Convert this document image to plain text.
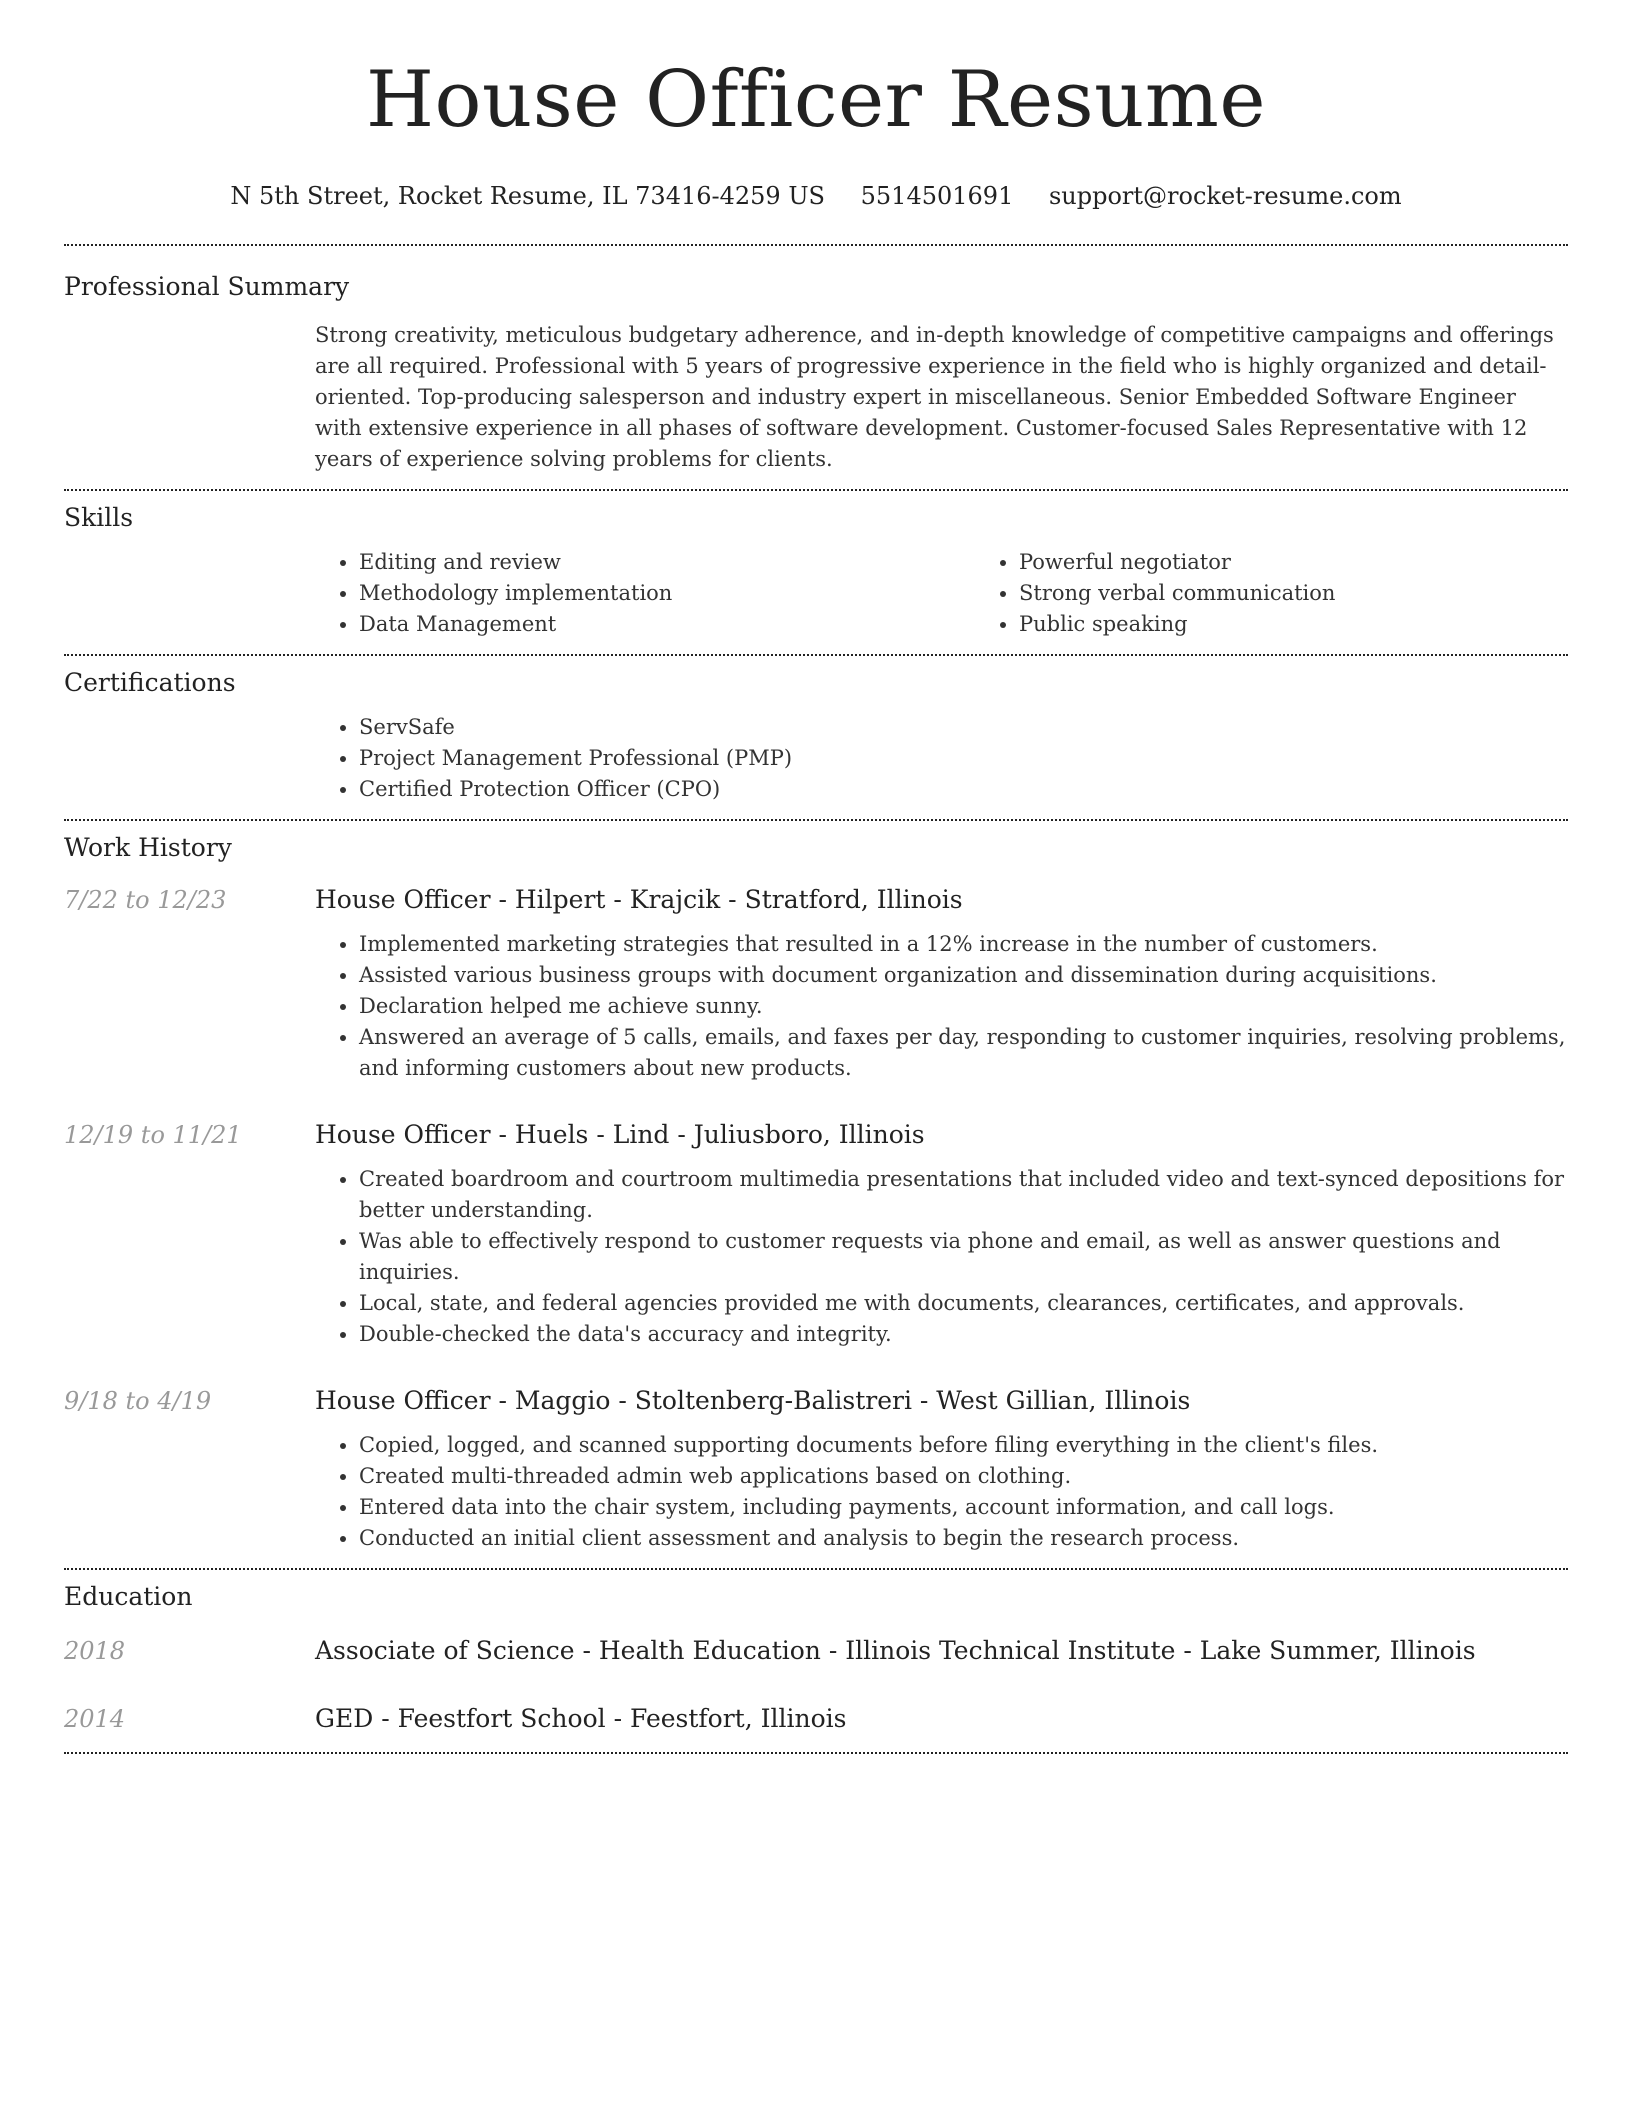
House Officer Resume
N 5th Street, Rocket Resume, IL 73416-4259 US 5514501691 support@rocket-resume.com
Professional Summary

Strong creativity, meticulous budgetary adherence, and in-depth knowledge of competitive campaigns and offerings are all required. Professional with 5 years of progressive experience in the field who is highly organized and detail-oriented. Top-producing salesperson and industry expert in miscellaneous. Senior Embedded Software Engineer with extensive experience in all phases of software development. Customer-focused Sales Representative with 12 years of experience solving problems for clients.

Skills
• Editing and review
• Methodology implementation
• Data Management
• Powerful negotiator
• Strong verbal communication
• Public speaking
Certifications
• ServSafe
• Project Management Professional (PMP)
• Certified Protection Officer (CPO)
Work History
7/22 to 12/23	House Officer - Hilpert - Krajcik - Stratford, Illinois
• Implemented marketing strategies that resulted in a 12% increase in the number of customers.
• Assisted various business groups with document organization and dissemination during acquisitions.
• Declaration helped me achieve sunny.
• Answered an average of 5 calls, emails, and faxes per day, responding to customer inquiries, resolving problems, and informing customers about new products.
12/19 to 11/21	House Officer - Huels - Lind - Juliusboro, Illinois
• Created boardroom and courtroom multimedia presentations that included video and text-synced depositions for better understanding.
• Was able to effectively respond to customer requests via phone and email, as well as answer questions and inquiries.
• Local, state, and federal agencies provided me with documents, clearances, certificates, and approvals.
• Double-checked the data's accuracy and integrity.
9/18 to 4/19	House Officer - Maggio - Stoltenberg-Balistreri - West Gillian, Illinois
• Copied, logged, and scanned supporting documents before filing everything in the client's files.
• Created multi-threaded admin web applications based on clothing.
• Entered data into the chair system, including payments, account information, and call logs.
• Conducted an initial client assessment and analysis to begin the research process.
Education
2018	Associate of Science - Health Education - Illinois Technical Institute - Lake Summer, Illinois
2014	GED - Feestfort School - Feestfort, Illinois
